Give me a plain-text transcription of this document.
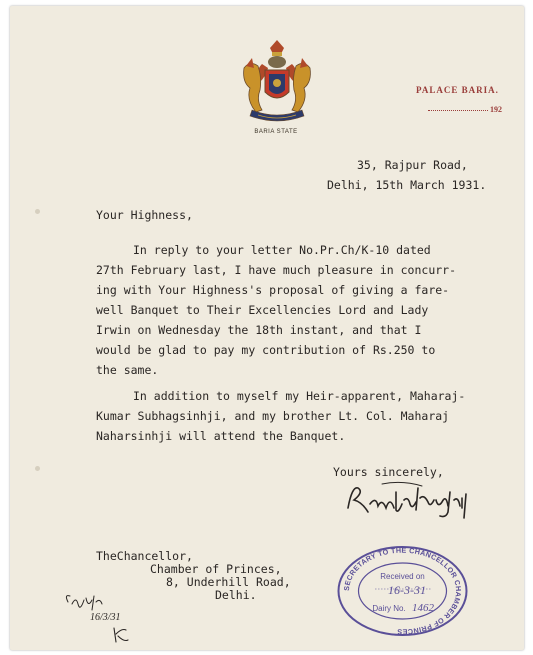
BARIA STATE
PALACE BARIA.
192
35, Rajpur Road,
Delhi, 15th March 1931.
Your Highness,
In reply to your letter No.Pr.Ch/K-10 dated
27th February last, I have much pleasure in concurr-
ing with Your Highness's proposal of giving a fare-
well Banquet to Their Excellencies Lord and Lady
Irwin on Wednesday the 18th instant, and that I
would be glad to pay my contribution of Rs.250 to
the same.
In addition to myself my Heir-apparent, Maharaj-
Kumar Subhagsinhji, and my brother Lt. Col. Maharaj
Naharsinhji will attend the Banquet.
Yours sincerely,
TheChancellor,
Chamber of Princes,
8, Underhill Road,
Delhi.	SECRETARY TO THE CHANCELLOR CHAMBER OF PRINCES
Received on
16-3-31
Dairy No. 1462
16/3/31
